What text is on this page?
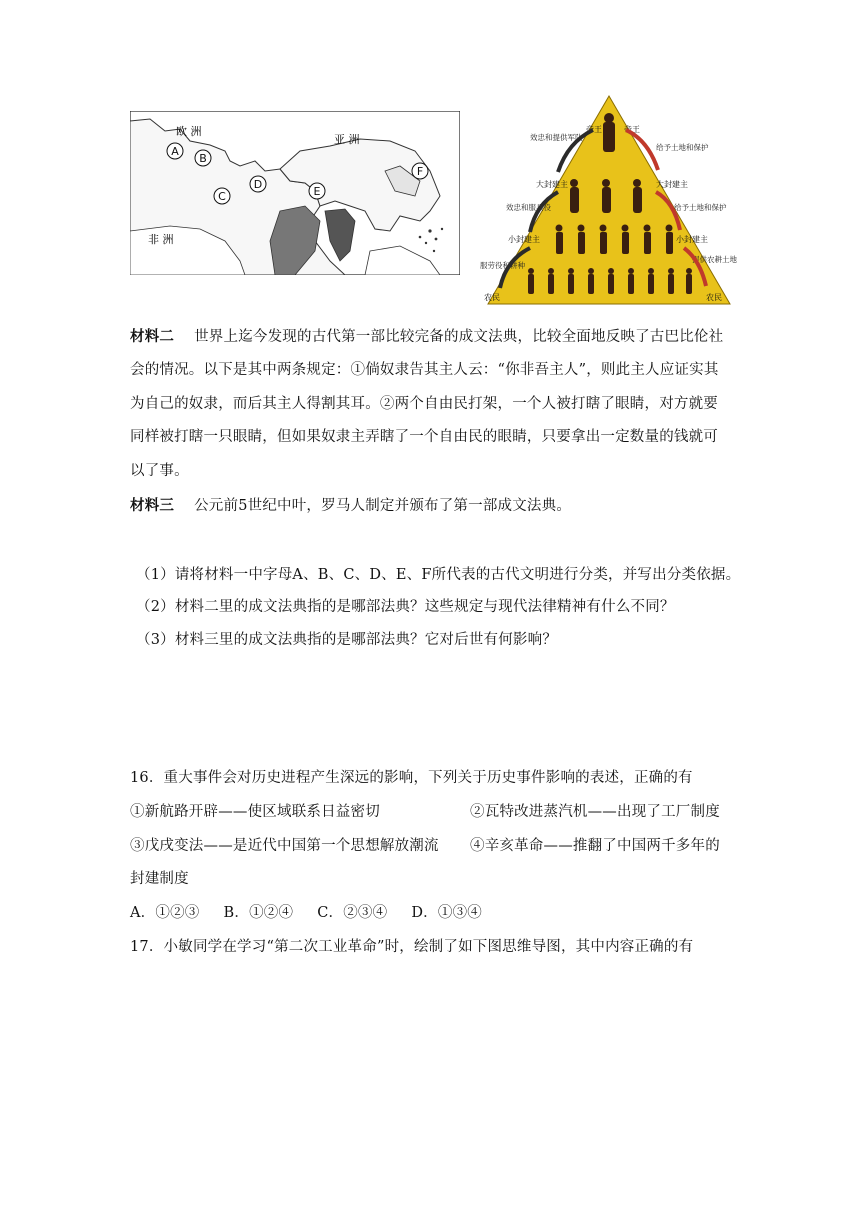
欧 洲
非 洲
亚 洲
A
B
C
D
E
F
帝王	帝王
大封建主	大封建主
小封建主	小封建主
农民	农民
效忠和提供军队
效忠和服兵役
服劳役和耕种
给予土地和保护
给予土地和保护
提供农耕土地
材料二 世界上迄今发现的古代第一部比较完备的成文法典，比较全面地反映了古巴比伦社
会的情况。以下是其中两条规定：①倘奴隶告其主人云：“你非吾主人”，则此主人应证实其
为自己的奴隶，而后其主人得割其耳。②两个自由民打架，一个人被打瞎了眼睛，对方就要
同样被打瞎一只眼睛，但如果奴隶主弄瞎了一个自由民的眼睛，只要拿出一定数量的钱就可
以了事。
材料三 公元前5世纪中叶，罗马人制定并颁布了第一部成文法典。
（1）请将材料一中字母A、B、C、D、E、F所代表的古代文明进行分类，并写出分类依据。
（2）材料二里的成文法典指的是哪部法典？这些规定与现代法律精神有什么不同？
（3）材料三里的成文法典指的是哪部法典？它对后世有何影响？
16．重大事件会对历史进程产生深远的影响，下列关于历史事件影响的表述，正确的有
①新航路开辟——使区域联系日益密切	②瓦特改进蒸汽机——出现了工厂制度
③戊戌变法——是近代中国第一个思想解放潮流 ④辛亥革命——推翻了中国两千多年的
封建制度
A．①②③     B．①②④     C．②③④     D．①③④
17．小敏同学在学习“第二次工业革命”时，绘制了如下图思维导图，其中内容正确的有
